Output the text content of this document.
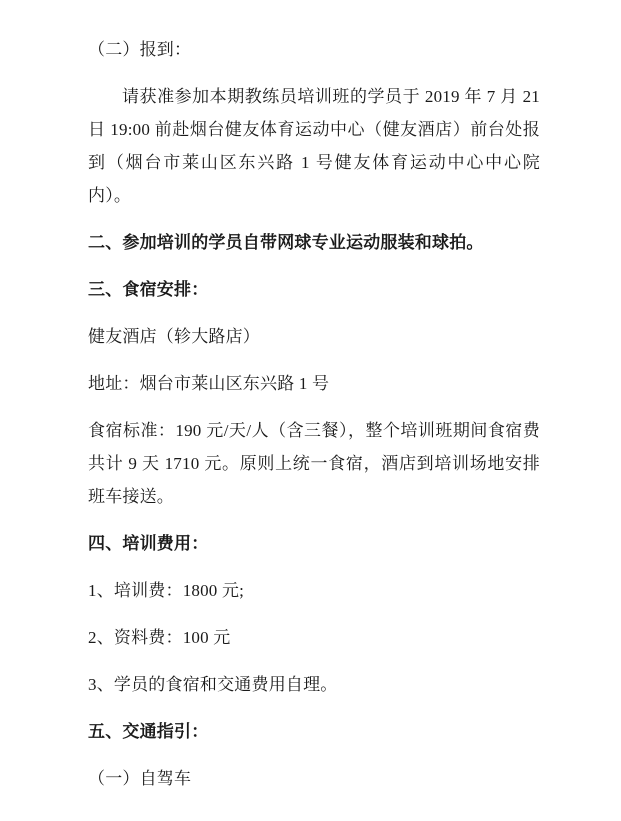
（二）报到：

请获准参加本期教练员培训班的学员于 2019 年 7 月 21 日 19:00 前赴烟台健友体育运动中心（健友酒店）前台处报到（烟台市莱山区东兴路 1 号健友体育运动中心中心院内）。

二、参加培训的学员自带网球专业运动服装和球拍。

三、食宿安排：

健友酒店（轸大路店）

地址：烟台市莱山区东兴路 1 号

食宿标准：190 元/天/人（含三餐），整个培训班期间食宿费共计 9 天 1710 元。原则上统一食宿，酒店到培训场地安排班车接送。

四、培训费用：

1、培训费：1800 元;

2、资料费：100 元

3、学员的食宿和交通费用自理。

五、交通指引：

（一）自驾车
